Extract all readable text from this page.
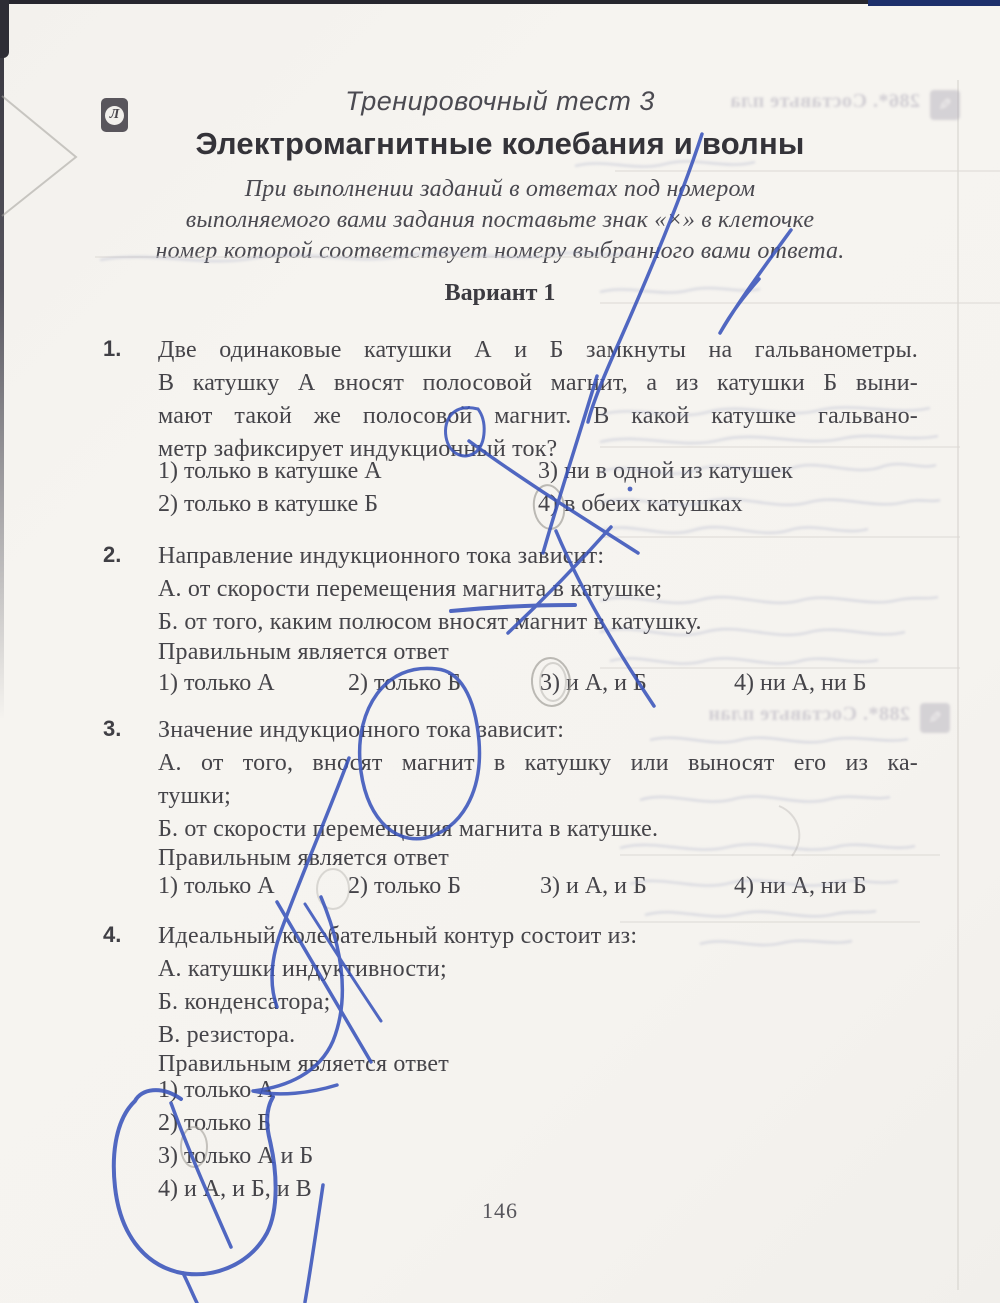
✎
286*. Составьте пла
✎
288*. Составьте план
Л	Тренировочный тест 3
Электромагнитные колебания и волны
При выполнении заданий в ответах под номером
выполняемого вами задания поставьте знак «×» в клеточке
номер которой соответствует номеру выбранного вами ответа.
Вариант 1
1. Две одинаковые катушки А и Б замкнуты на гальванометры.
В катушку А вносят полосовой магнит, а из катушки Б выни-
мают такой же полосовой магнит. В какой катушке гальвано-
метр зафиксирует индукционный ток?
1) только в катушке А
2) только в катушке Б
3) ни в одной из катушек
4) в обеих катушках
2. Направление индукционного тока зависит:
А. от скорости перемещения магнита в катушке;
Б. от того, каким полюсом вносят магнит в катушку.
Правильным является ответ
1) только А	2) только Б	3) и А, и Б	4) ни А, ни Б
3. Значение индукционного тока зависит:
А. от того, вносят магнит в катушку или выносят его из ка-
тушки;
Б. от скорости перемещения магнита в катушке.
Правильным является ответ
1) только А	2) только Б	3) и А, и Б	4) ни А, ни Б
4. Идеальный колебательный контур состоит из:
А. катушки индуктивности;
Б. конденсатора;
В. резистора.
Правильным является ответ
1) только А
2) только Б
3) только А и Б
4) и А, и Б, и В
146
